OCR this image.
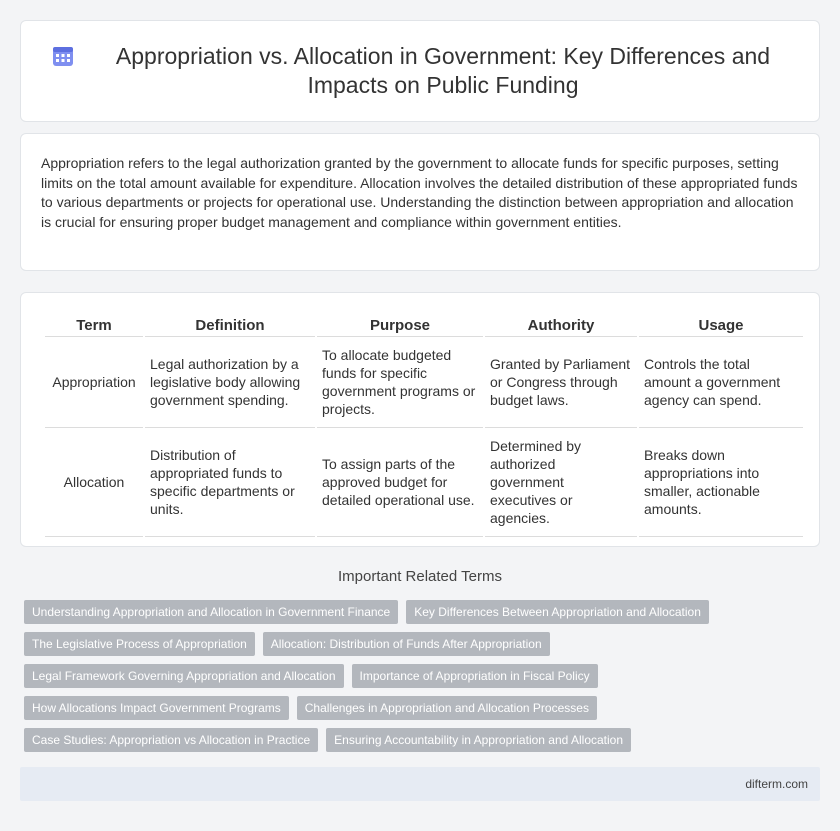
Appropriation vs. Allocation in Government: Key Differences and Impacts on Public Funding

Appropriation refers to the legal authorization granted by the government to allocate funds for specific purposes, setting limits on the total amount available for expenditure. Allocation involves the detailed distribution of these appropriated funds to various departments or projects for operational use. Understanding the distinction between appropriation and allocation is crucial for ensuring proper budget management and compliance within government entities.

Term	Definition	Purpose	Authority	Usage
Appropriation	Legal authorization by a legislative body allowing government spending.	To allocate budgeted funds for specific government programs or projects.	Granted by Parliament or Congress through budget laws.	Controls the total amount a government agency can spend.
Allocation	Distribution of appropriated funds to specific departments or units.	To assign parts of the approved budget for detailed operational use.	Determined by authorized government executives or agencies.	Breaks down appropriations into smaller, actionable amounts.
Important Related Terms
Understanding Appropriation and Allocation in Government Finance	Key Differences Between Appropriation and Allocation
The Legislative Process of Appropriation	Allocation: Distribution of Funds After Appropriation
Legal Framework Governing Appropriation and Allocation	Importance of Appropriation in Fiscal Policy
How Allocations Impact Government Programs	Challenges in Appropriation and Allocation Processes
Case Studies: Appropriation vs Allocation in Practice	Ensuring Accountability in Appropriation and Allocation
difterm.com
